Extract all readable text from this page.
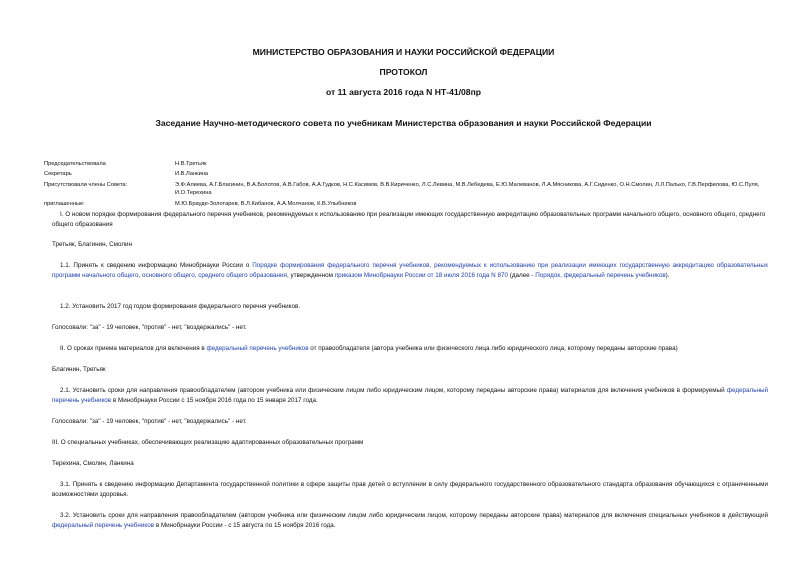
МИНИСТЕРСТВО ОБРАЗОВАНИЯ И НАУКИ РОССИЙСКОЙ ФЕДЕРАЦИИ
ПРОТОКОЛ
от 11 августа 2016 года N НТ-41/08пр
Заседание Научно-методического совета по учебникам Министерства образования и науки Российской Федерации
Председательствовала	Н.В.Третьяк
Секретарь	И.В.Ланкина
Присутствовали члены Совета:	Э.Ф.Алиева, А.Г.Благинин, В.А.Болотов, А.В.Габов, А.А.Гудков, Н.С.Касимов, В.В.Кириченко, Л.С.Левина, М.В.Лебедева, Е.Ю.Малеванов, Л.А.Мясникова, А.Г.Сиденко, О.Н.Смолин, Л.Л.Палько, Г.В.Перфилова, Ю.С.Пуля, И.О.Терехина
приглашенные:	М.Ю.Брауде-Золотарев, В.Л.Кибанов, А.А.Молчанов, К.В.Улыбников
I. О новом порядке формирования федерального перечня учебников, рекомендуемых к использованию при реализации имеющих государственную аккредитацию образовательных программ начального общего, основного общего, среднего общего образования
Третьяк, Благинин, Смолин
1.1. Принять к сведению информацию Минобрнауки России о Порядке формирования федерального перечня учебников, рекомендуемых к использованию при реализации имеющих государственную аккредитацию образовательных программ начального общего, основного общего, среднего общего образования, утвержденном приказом Минобрнауки России от 18 июля 2016 года N 870 (далее - Порядок, федеральный перечень учебников).
1.2. Установить 2017 год годом формирования федерального перечня учебников.
Голосовали: "за" - 19 человек, "против" - нет, "воздержались" - нет.
II. О сроках приема материалов для включения в федеральный перечень учебников от правообладателя (автора учебника или физического лица либо юридического лица, которому переданы авторские права)
Благинин, Третьяк
2.1. Установить сроки для направления правообладателем (автором учебника или физическим лицом либо юридическим лицом, которому переданы авторские права) материалов для включения учебников в формируемый федеральный перечень учебников в Минобрнауки России с 15 ноября 2016 года по 15 января 2017 года.
Голосовали: "за" - 19 человек, "против" - нет, "воздержались" - нет.
III. О специальных учебниках, обеспечивающих реализацию адаптированных образовательных программ
Терехина, Смолин, Ланкина
3.1. Принять к сведению информацию Департамента государственной политики в сфере защиты прав детей о вступлении в силу федерального государственного образовательного стандарта образования обучающихся с ограниченными возможностями здоровья.
3.2. Установить сроки для направления правообладателем (автором учебника или физическим лицом либо юридическим лицом, которому переданы авторские права) материалов для включения специальных учебников в действующий федеральный перечень учебников в Минобрнауки России - с 15 августа по 15 ноября 2016 года.
